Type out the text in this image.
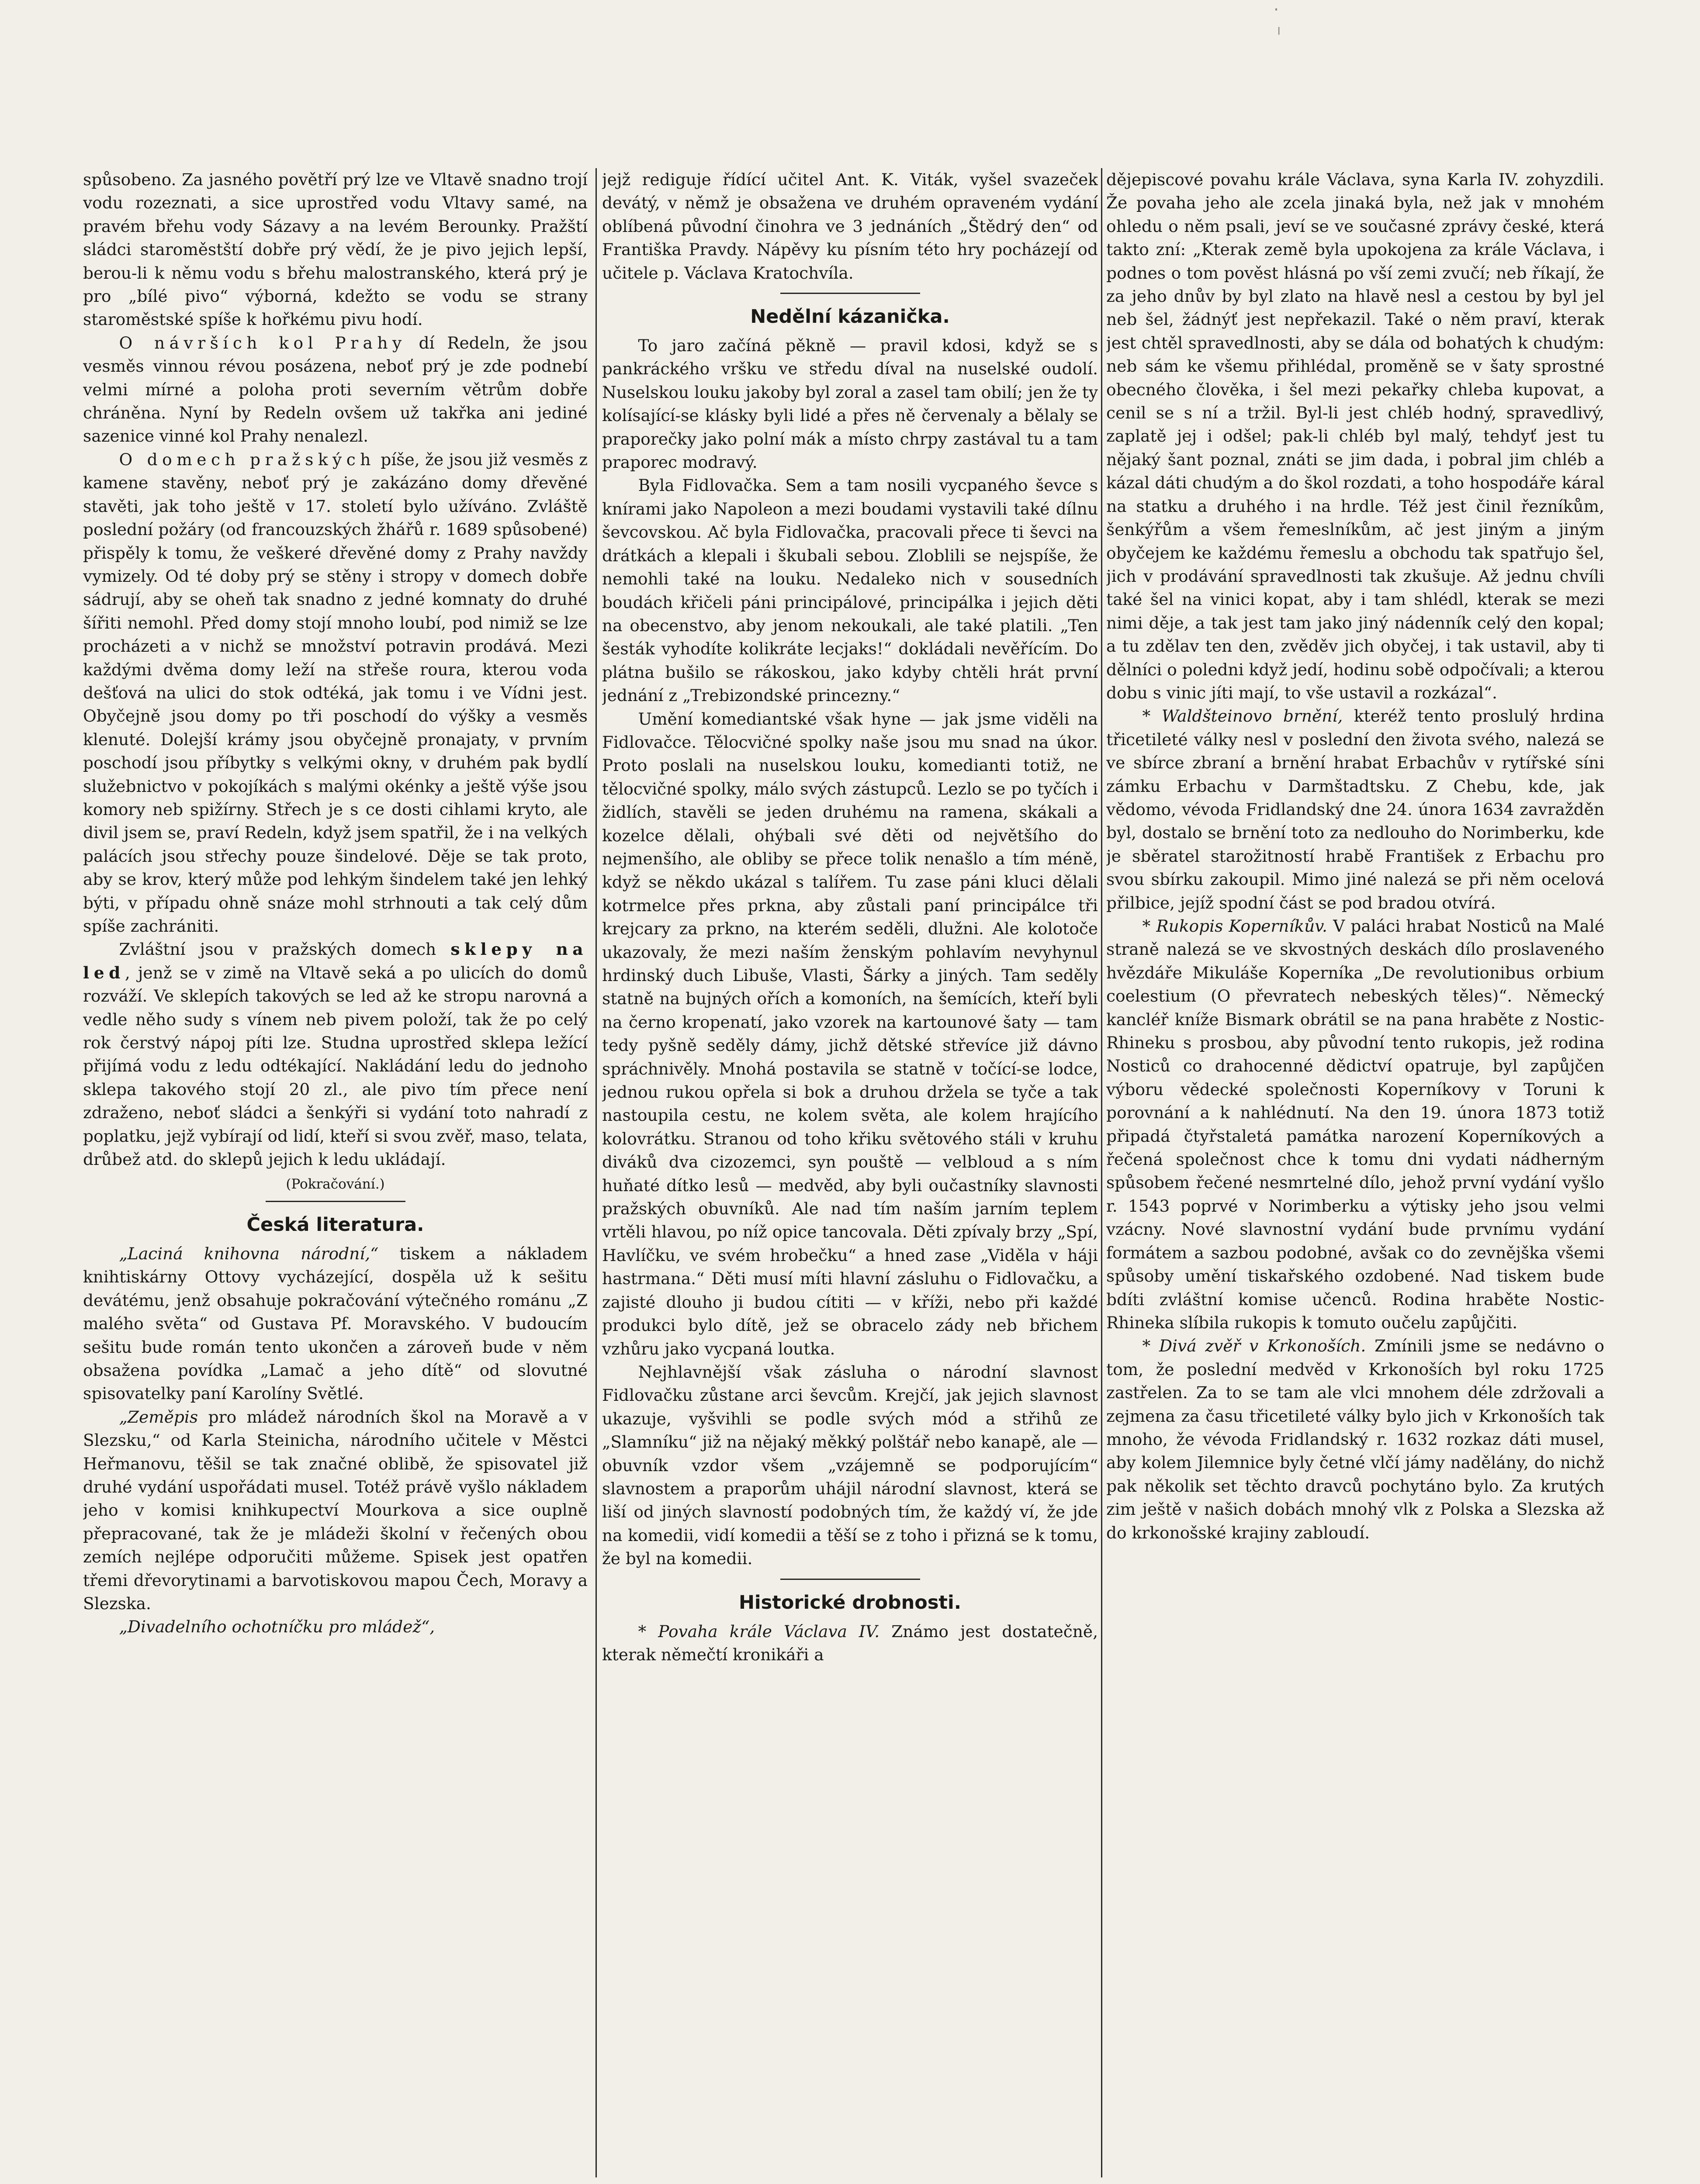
·
╷

spůsobeno. Za jasného povětří prý lze ve Vltavě snadno trojí vodu rozeznati, a sice uprostřed vodu Vltavy samé, na pravém břehu vody Sázavy a na levém Berounky. Pražští sládci staroměstští dobře prý vědí, že je pivo jejich lepší, berou-li k němu vodu s břehu malostranského, která prý je pro „bílé pivo“ výborná, kdežto se vodu se strany staroměstské spíše k hořkému pivu hodí.

O návrších kol Prahy dí Redeln, že jsou vesměs vinnou révou posázena, neboť prý je zde podnebí velmi mírné a poloha proti severním větrům dobře chráněna. Nyní by Redeln ovšem už takřka ani jediné sazenice vinné kol Prahy nenalezl.

O domech pražských píše, že jsou již vesměs z kamene stavěny, neboť prý je zakázáno domy dřevěné stavěti, jak toho ještě v 17. století bylo užíváno. Zvláště poslední požáry (od francouzských žhářů r. 1689 spůsobené) přispěly k tomu, že veškeré dřevěné domy z Prahy navždy vymizely. Od té doby prý se stěny i stropy v domech dobře sádrují, aby se oheň tak snadno z jedné komnaty do druhé šířiti nemohl. Před domy stojí mnoho loubí, pod nimiž se lze procházeti a v nichž se množství potravin prodává. Mezi každými dvěma domy leží na střeše roura, kterou voda dešťová na ulici do stok odtéká, jak tomu i ve Vídni jest. Obyčejně jsou domy po tři poschodí do výšky a vesměs klenuté. Dolejší krámy jsou obyčejně pronajaty, v prvním poschodí jsou příbytky s velkými okny, v druhém pak bydlí služebnictvo v pokojíkách s malými okénky a ještě výše jsou komory neb spižírny. Střech je s ce dosti cihlami kryto, ale divil jsem se, praví Redeln, když jsem spatřil, že i na velkých palácích jsou střechy pouze šindelové. Děje se tak proto, aby se krov, který může pod lehkým šindelem také jen lehký býti, v případu ohně snáze mohl strhnouti a tak celý dům spíše zachrániti.

Zvláštní jsou v pražských domech sklepy na led, jenž se v zimě na Vltavě seká a po ulicích do domů rozváží. Ve sklepích takových se led až ke stropu narovná a vedle něho sudy s vínem neb pivem položí, tak že po celý rok čerstvý nápoj píti lze. Studna uprostřed sklepa ležící přijímá vodu z ledu odtékající. Nakládání ledu do jednoho sklepa takového stojí 20 zl., ale pivo tím přece není zdraženo, neboť sládci a šenkýři si vydání toto nahradí z poplatku, jejž vybírají od lidí, kteří si svou zvěř, maso, telata, drůbež atd. do sklepů jejich k ledu ukládají.

(Pokračování.)
Česká literatura.

„Laciná knihovna národní,“ tiskem a nákladem knihtiskárny Ottovy vycházející, dospěla už k sešitu devátému, jenž obsahuje pokračování výtečného románu „Z malého světa“ od Gustava Pf. Moravského. V budoucím sešitu bude román tento ukončen a zároveň bude v něm obsažena povídka „Lamač a jeho dítě“ od slovutné spisovatelky paní Karolíny Světlé.

„Zeměpis pro mládež národních škol na Moravě a v Slezsku,“ od Karla Steinicha, národního učitele v Městci Heřmanovu, těšil se tak značné oblibě, že spisovatel již druhé vydání uspořádati musel. Totéž právě vyšlo nákladem jeho v komisi knihkupectví Mourkova a sice ouplně přepracované, tak že je mládeži školní v řečených obou zemích nejlépe odporučiti můžeme. Spisek jest opatřen třemi dřevorytinami a barvotiskovou mapou Čech, Moravy a Slezska.

„Divadelního ochotníčku pro mládež“,

jejž rediguje řídící učitel Ant. K. Viták, vyšel svazeček devátý, v němž je obsažena ve druhém opraveném vydání oblíbená původní činohra ve 3 jednáních „Štědrý den“ od Františka Pravdy. Nápěvy ku písním této hry pocházejí od učitele p. Václava Kratochvíla.

Nedělní kázanička.

To jaro začíná pěkně — pravil kdosi, když se s pankráckého vršku ve středu díval na nuselské oudolí. Nuselskou louku jakoby byl zoral a zasel tam obilí; jen že ty kolísající-se klásky byli lidé a přes ně červenaly a bělaly se praporečky jako polní mák a místo chrpy zastával tu a tam praporec modravý.

Byla Fidlovačka. Sem a tam nosili vycpaného ševce s knírami jako Napoleon a mezi boudami vystavili také dílnu ševcovskou. Ač byla Fidlovačka, pracovali přece ti ševci na drátkách a klepali i škubali sebou. Zloblili se nejspíše, že nemohli také na louku. Nedaleko nich v sousedních boudách křičeli páni principálové, principálka i jejich děti na obecenstvo, aby jenom nekoukali, ale také platili. „Ten šesták vyhodíte kolikráte lecjaks!“ dokládali nevěřícím. Do plátna bušilo se rákoskou, jako kdyby chtěli hrát první jednání z „Trebizondské princezny.“

Umění komediantské však hyne — jak jsme viděli na Fidlovačce. Tělocvičné spolky naše jsou mu snad na úkor. Proto poslali na nuselskou louku, komedianti totiž, ne tělocvičné spolky, málo svých zástupců. Lezlo se po tyčích i židlích, stavěli se jeden druhému na ramena, skákali a kozelce dělali, ohýbali své děti od největšího do nejmenšího, ale obliby se přece tolik nenašlo a tím méně, když se někdo ukázal s talířem. Tu zase páni kluci dělali kotrmelce přes prkna, aby zůstali paní principálce tři krejcary za prkno, na kterém seděli, dlužni. Ale kolotoče ukazovaly, že mezi naším ženským pohlavím nevyhynul hrdinský duch Libuše, Vlasti, Šárky a jiných. Tam seděly statně na bujných ořích a komoních, na šemících, kteří byli na černo kropenatí, jako vzorek na kartounové šaty — tam tedy pyšně seděly dámy, jichž dětské střevíce již dávno spráchnivěly. Mnohá postavila se statně v točící-se lodce, jednou rukou opřela si bok a druhou držela se tyče a tak nastoupila cestu, ne kolem světa, ale kolem hrajícího kolovrátku. Stranou od toho křiku světového stáli v kruhu diváků dva cizozemci, syn pouště — velbloud a s ním huňaté dítko lesů — medvěd, aby byli oučastníky slavnosti pražských obuvníků. Ale nad tím naším jarním teplem vrtěli hlavou, po níž opice tancovala. Děti zpívaly brzy „Spí, Havlíčku, ve svém hrobečku“ a hned zase „Viděla v háji hastrmana.“ Děti musí míti hlavní zásluhu o Fidlovačku, a zajisté dlouho ji budou cítiti — v kříži, nebo při každé produkci bylo dítě, jež se obracelo zády neb břichem vzhůru jako vycpaná loutka.

Nejhlavnější však zásluha o národní slavnost Fidlovačku zůstane arci ševcům. Krejčí, jak jejich slavnost ukazuje, vyšvihli se podle svých mód a střihů ze „Slamníku“ již na nějaký měkký polštář nebo kanapě, ale — obuvník vzdor všem „vzájemně se podporujícím“ slavnostem a praporům uhájil národní slavnost, která se liší od jiných slavností podobných tím, že každý ví, že jde na komedii, vidí komedii a těší se z toho i přizná se k tomu, že byl na komedii.

Historické drobnosti.

* Povaha krále Václava IV. Známo jest dostatečně, kterak němečtí kronikáři a

dějepiscové povahu krále Václava, syna Karla IV. zohyzdili. Že povaha jeho ale zcela jinaká byla, než jak v mnohém ohledu o něm psali, jeví se ve současné zprávy české, která takto zní: „Kterak země byla upokojena za krále Václava, i podnes o tom pověst hlásná po vší zemi zvučí; neb říkají, že za jeho dnův by byl zlato na hlavě nesl a cestou by byl jel neb šel, žádnýť jest nepřekazil. Také o něm praví, kterak jest chtěl spravedlnosti, aby se dála od bohatých k chudým: neb sám ke všemu přihlédal, proměně se v šaty sprostné obecného člověka, i šel mezi pekařky chleba kupovat, a cenil se s ní a tržil. Byl-li jest chléb hodný, spravedlivý, zaplatě jej i odšel; pak-li chléb byl malý, tehdyť jest tu nějaký šant poznal, znáti se jim dada, i pobral jim chléb a kázal dáti chudým a do škol rozdati, a toho hospodáře káral na statku a druhého i na hrdle. Též jest činil řezníkům, šenkýřům a všem řemeslníkům, ač jest jiným a jiným obyčejem ke každému řemeslu a obchodu tak spatřujo šel, jich v prodávání spravedlnosti tak zkušuje. Až jednu chvíli také šel na vinici kopat, aby i tam shlédl, kterak se mezi nimi děje, a tak jest tam jako jiný nádenník celý den kopal; a tu zdělav ten den, zvěděv jich obyčej, i tak ustavil, aby ti dělníci o poledni když jedí, hodinu sobě odpočívali; a kterou dobu s vinic jíti mají, to vše ustavil a rozkázal“.

* Waldšteinovo brnění, kteréž tento proslulý hrdina třicetileté války nesl v poslední den života svého, nalezá se ve sbírce zbraní a brnění hrabat Erbachův v rytířské síni zámku Erbachu v Darmštadtsku. Z Chebu, kde, jak vědomo, vévoda Fridlandský dne 24. února 1634 zavražděn byl, dostalo se brnění toto za nedlouho do Norimberku, kde je sběratel starožitností hrabě František z Erbachu pro svou sbírku zakoupil. Mimo jiné nalezá se při něm ocelová přilbice, jejíž spodní část se pod bradou otvírá.

* Rukopis Koperníkův. V paláci hrabat Nosticů na Malé straně nalezá se ve skvostných deskách dílo proslaveného hvězdáře Mikuláše Koperníka „De revolutionibus orbium coelestium (O převratech nebeských těles)“. Německý kancléř kníže Bismark obrátil se na pana hraběte z Nostic-Rhineku s prosbou, aby původní tento rukopis, jež rodina Nosticů co drahocenné dědictví opatruje, byl zapůjčen výboru vědecké společnosti Koperníkovy v Toruni k porovnání a k nahlédnutí. Na den 19. února 1873 totiž připadá čtyřstaletá památka narození Koperníkových a řečená společnost chce k tomu dni vydati nádherným spůsobem řečené nesmrtelné dílo, jehož první vydání vyšlo r. 1543 poprvé v Norimberku a výtisky jeho jsou velmi vzácny. Nové slavnostní vydání bude prvnímu vydání formátem a sazbou podobné, avšak co do zevnějška všemi spůsoby umění tiskařského ozdobené. Nad tiskem bude bdíti zvláštní komise učenců. Rodina hraběte Nostic-Rhineka slíbila rukopis k tomuto oučelu zapůjčiti.

* Divá zvěř v Krkonoších. Zmínili jsme se nedávno o tom, že poslední medvěd v Krkonoších byl roku 1725 zastřelen. Za to se tam ale vlci mnohem déle zdržovali a zejmena za času třicetileté války bylo jich v Krkonoších tak mnoho, že vévoda Fridlandský r. 1632 rozkaz dáti musel, aby kolem Jilemnice byly četné vlčí jámy nadělány, do nichž pak několik set těchto dravců pochytáno bylo. Za krutých zim ještě v našich dobách mnohý vlk z Polska a Slezska až do krkonošské krajiny zabloudí.
